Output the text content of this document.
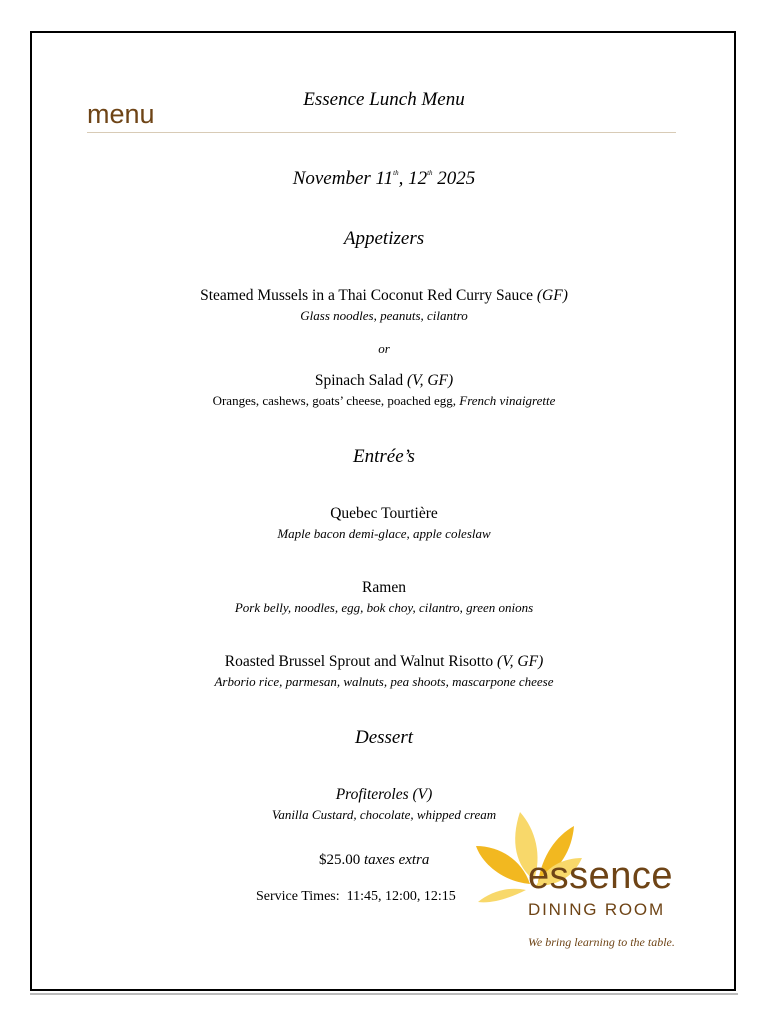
menu	Essence Lunch Menu
November 11th, 12th 2025
Appetizers
Steamed Mussels in a Thai Coconut Red Curry Sauce (GF)
Glass noodles, peanuts, cilantro
or
Spinach Salad (V, GF)
Oranges, cashews, goats’ cheese, poached egg, French vinaigrette
Entrée’s
Quebec Tourtière
Maple bacon demi-glace, apple coleslaw
Ramen
Pork belly, noodles, egg, bok choy, cilantro, green onions
Roasted Brussel Sprout and Walnut Risotto (V, GF)
Arborio rice, parmesan, walnuts, pea shoots, mascarpone cheese
Dessert
Profiteroles (V)
Vanilla Custard, chocolate, whipped cream
$25.00 taxes extra
Service Times: 11:45, 12:00, 12:15 essence
DINING ROOM
We bring learning to the table.
